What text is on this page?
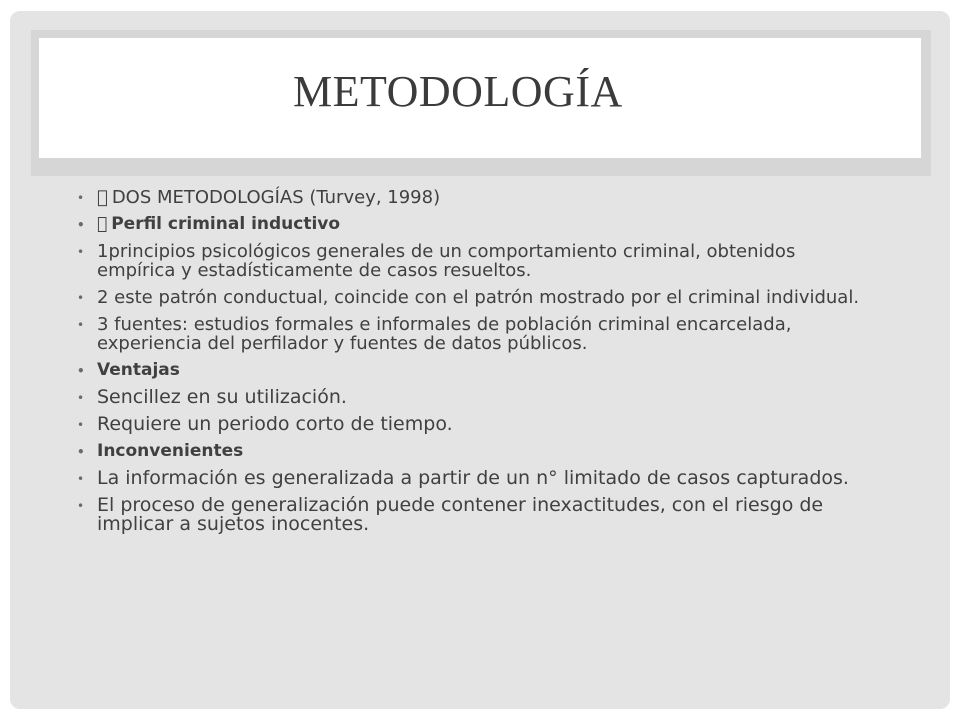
METODOLOGÍA
• DOS METODOLOGÍAS (Turvey, 1998)
• Perfil criminal inductivo
• 1principios psicológicos generales de un comportamiento criminal, obtenidos empírica y estadísticamente de casos resueltos.
• 2 este patrón conductual, coincide con el patrón mostrado por el criminal individual.
• 3 fuentes: estudios formales e informales de población criminal encarcelada, experiencia del perfilador y fuentes de datos públicos.
• Ventajas
• Sencillez en su utilización.
• Requiere un periodo corto de tiempo.
• Inconvenientes
• La información es generalizada a partir de un n° limitado de casos capturados.
• El proceso de generalización puede contener inexactitudes, con el riesgo de implicar a sujetos inocentes.
